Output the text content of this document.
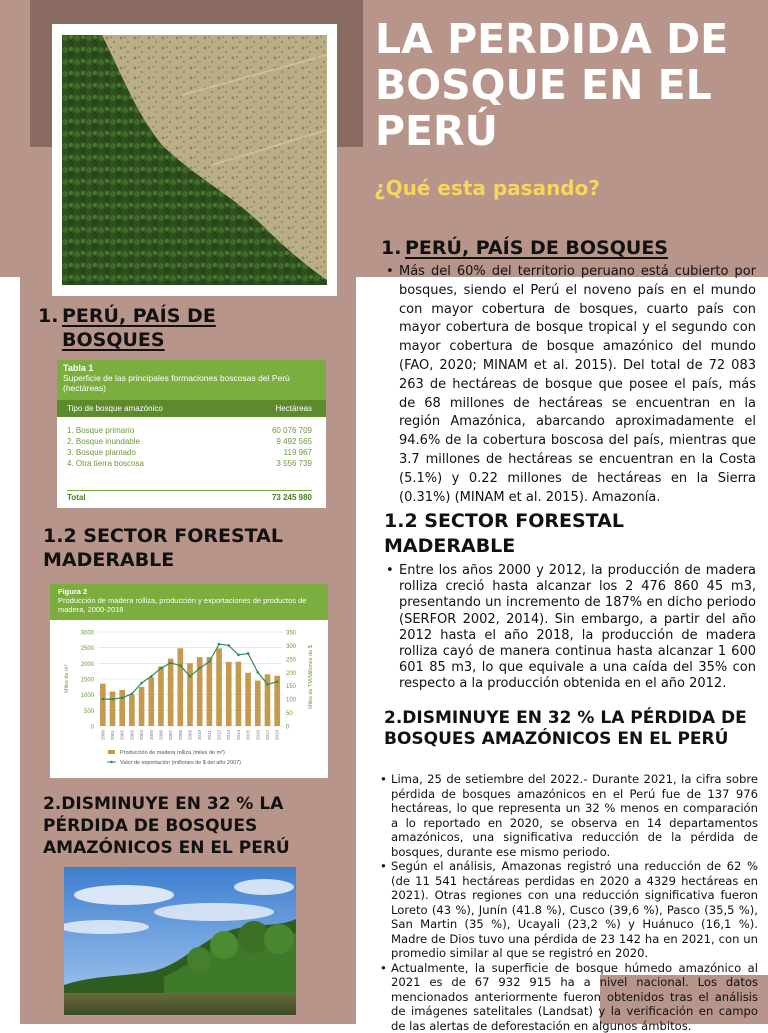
LA PERDIDA DE BOSQUE EN EL PERÚ
¿Qué esta pasando?
1. PERÚ, PAÍS DE BOSQUES
Tabla 1
Superficie de las principales formaciones boscosas del Perú (hectáreas)
Tipo de bosque amazónico	Hectáreas
1. Bosque primario	60 076 709
2. Bosque inundable	9 492 565
3. Bosque plantado	119 967
4. Otra tierra boscosa	3 556 739
Total	73 245 980
1.2 SECTOR FORESTAL MADERABLE
Figura 2
Producción de madera rolliza, producción y exportaciones de productos de madera, 2000-2018
0
500
1000
1500
2000
2500
3000
0
50
100
150
200
250
300
350
Miles de m³	Miles de TM/Millones de $
2000 2001 2002 2003 2004 2005 2006 2007 2008 2009 2010 2011 2012 2013 2014 2015 2016 2017 2018
Producción de madera rolliza (miles de m³)
Valor de exportación (millones de $ del año 2007)
2.DISMINUYE EN 32 % LA PÉRDIDA DE BOSQUES AMAZÓNICOS EN EL PERÚ
1. PERÚ, PAÍS DE BOSQUES
• Más del 60% del territorio peruano está cubierto por bosques, siendo el Perú el noveno país en el mundo con mayor cobertura de bosques, cuarto país con mayor cobertura de bosque tropical y el segundo con mayor cobertura de bosque amazónico del mundo (FAO, 2020; MINAM et al. 2015). Del total de 72 083 263 de hectáreas de bosque que posee el país, más de 68 millones de hectáreas se encuentran en la región Amazónica, abarcando aproximadamente el 94.6% de la cobertura boscosa del país, mientras que 3.7 millones de hectáreas se encuentran en la Costa (5.1%) y 0.22 millones de hectáreas en la Sierra (0.31%) (MINAM et al. 2015). Amazonía.
1.2 SECTOR FORESTAL MADERABLE
• Entre los años 2000 y 2012, la producción de madera rolliza creció hasta alcanzar los 2 476 860 45 m3, presentando un incremento de 187% en dicho periodo (SERFOR 2002, 2014). Sin embargo, a partir del año 2012 hasta el año 2018, la producción de madera rolliza cayó de manera continua hasta alcanzar 1 600 601 85 m3, lo que equivale a una caída del 35% con respecto a la producción obtenida en el año 2012.
2.DISMINUYE EN 32 % LA PÉRDIDA DE BOSQUES AMAZÓNICOS EN EL PERÚ
• Lima, 25 de setiembre del 2022.- Durante 2021, la cifra sobre pérdida de bosques amazónicos en el Perú fue de 137 976 hectáreas, lo que representa un 32 % menos en comparación a lo reportado en 2020, se observa en 14 departamentos amazónicos, una significativa reducción de la pérdida de bosques, durante ese mismo periodo.
• Según el análisis, Amazonas registró una reducción de 62 % (de 11 541 hectáreas perdidas en 2020 a 4329 hectáreas en 2021). Otras regiones con una reducción significativa fueron Loreto (43 %), Junín (41.8 %), Cusco (39,6 %), Pasco (35,5 %), San Martin (35 %), Ucayali (23,2 %) y Huánuco (16,1 %). Madre de Dios tuvo una pérdida de 23 142 ha en 2021, con un promedio similar al que se registró en 2020.
• Actualmente, la superficie de bosque húmedo amazónico al 2021 es de 67 932 915 ha a nivel nacional. Los datos mencionados anteriormente fueron obtenidos tras el análisis de imágenes satelitales (Landsat) y la verificación en campo de las alertas de deforestación en algunos ámbitos.
